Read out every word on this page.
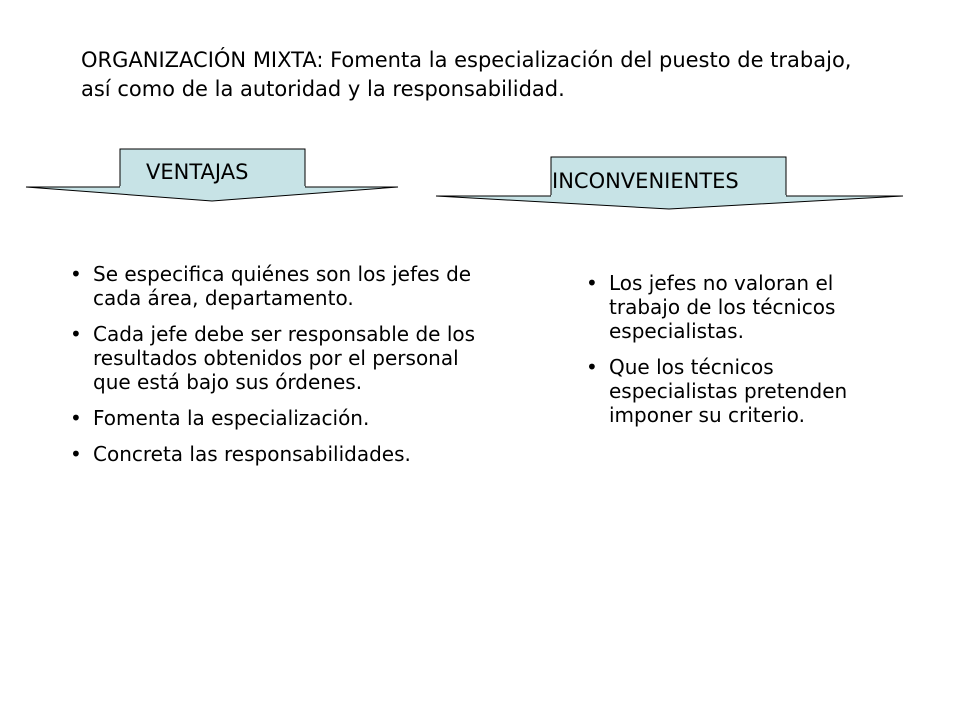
ORGANIZACIÓN MIXTA: Fomenta la especialización del puesto de trabajo, así como de la autoridad y la responsabilidad.
VENTAJAS	INCONVENIENTES
• Se especifica quiénes son los jefes de cada área, departamento.
• Cada jefe debe ser responsable de los resultados obtenidos por el personal que está bajo sus órdenes.
• Fomenta la especialización.
• Concreta las responsabilidades.
• Los jefes no valoran el trabajo de los técnicos especialistas.
• Que los técnicos especialistas pretenden imponer su criterio.
